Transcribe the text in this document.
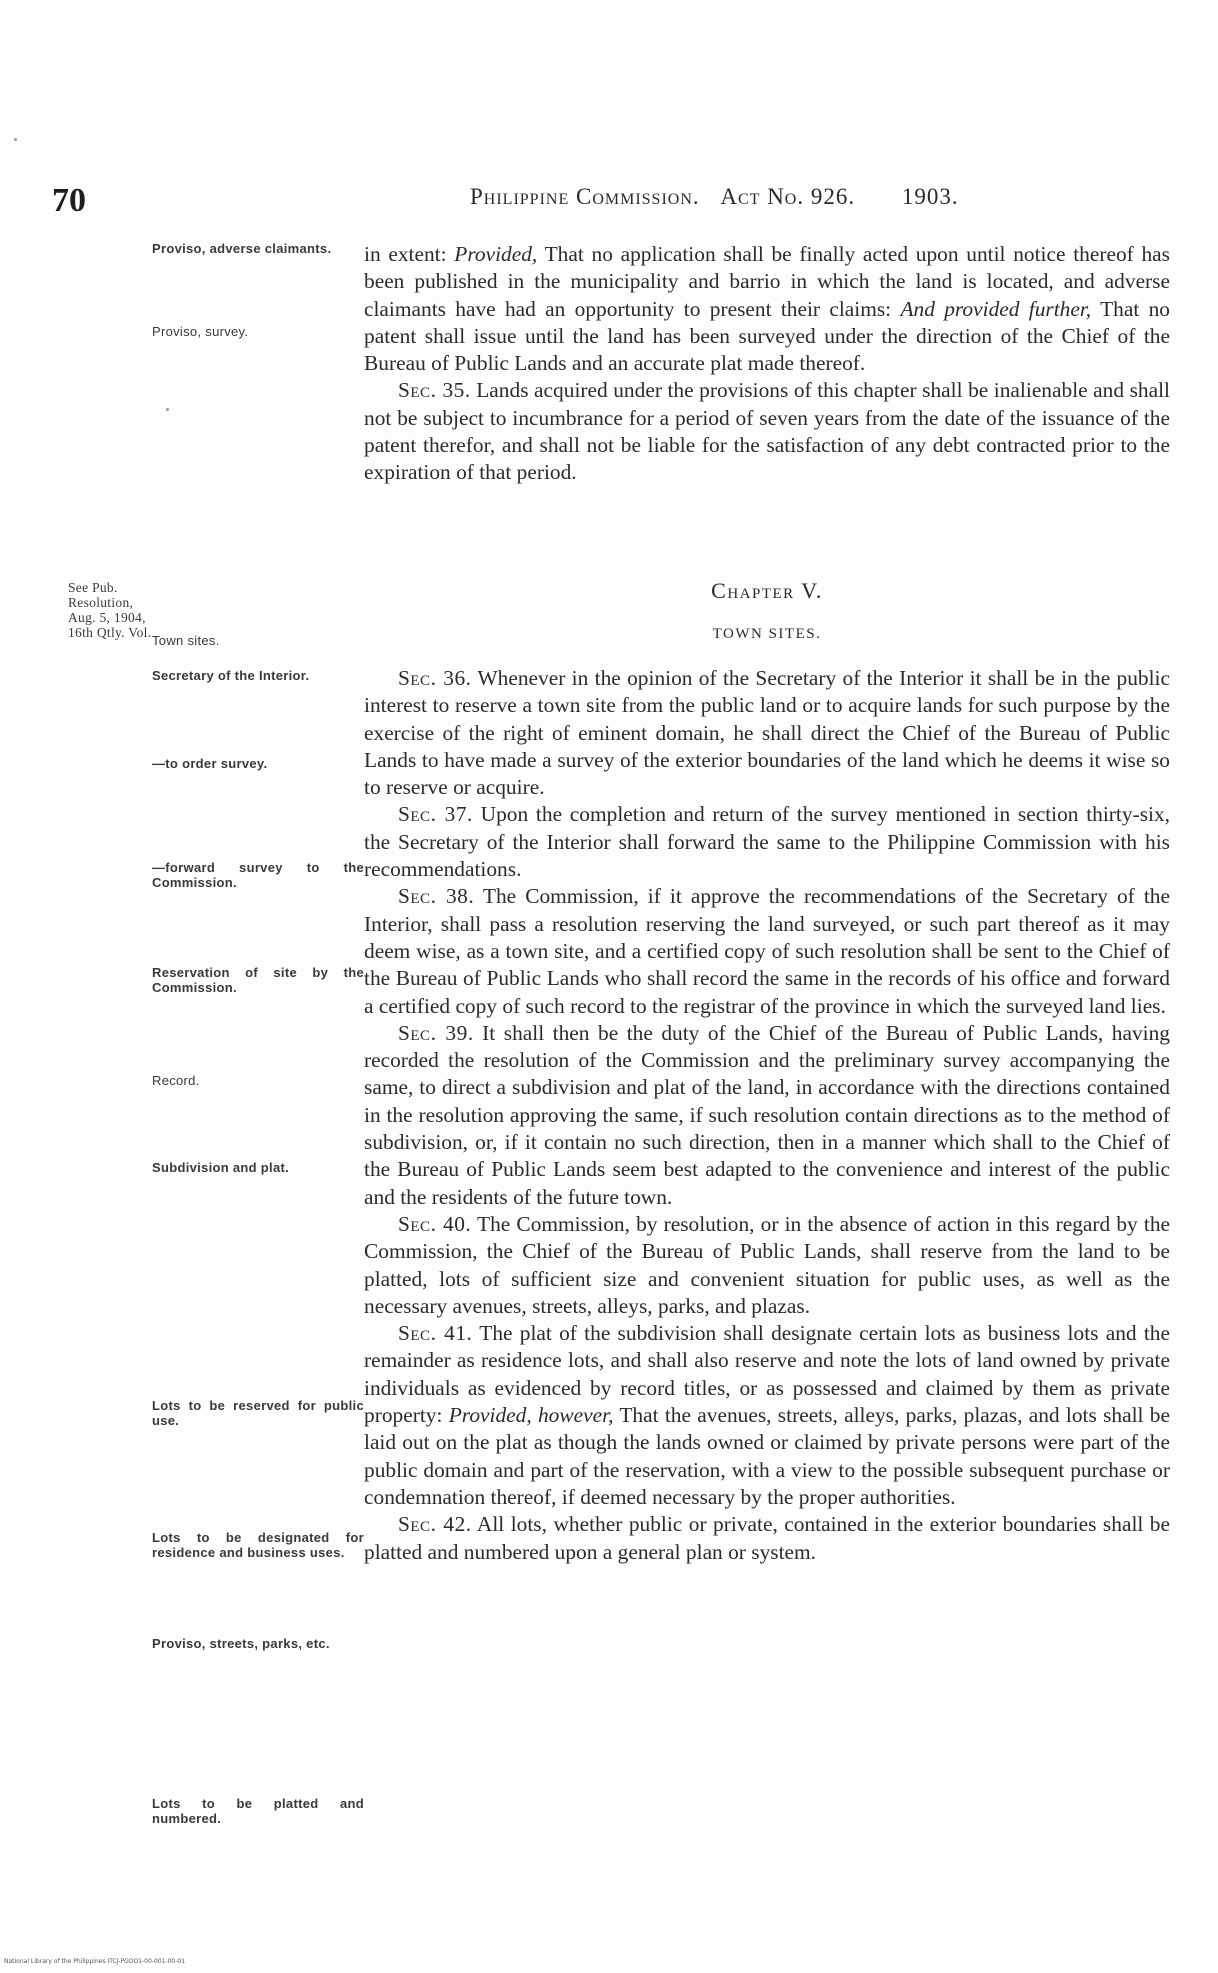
70	Philippine Commission. Act No. 926. 1903.
Proviso, adverse claimants.
Proviso, survey.
See Pub. Resolution, Aug. 5, 1904, 16th Qtly. Vol.
Town sites.
Secretary of the Interior.
—to order survey.
—forward survey to the Commission.
Reservation of site by the Commission.
Record.
Subdivision and plat.
Lots to be reserved for public use.
Lots to be designated for residence and business uses.
Proviso, streets, parks, etc.
Lots to be platted and numbered.

in extent: Provided, That no application shall be finally acted upon until notice thereof has been published in the municipality and barrio in which the land is located, and adverse claimants have had an opportunity to present their claims: And provided further, That no patent shall issue until the land has been surveyed under the direction of the Chief of the Bureau of Public Lands and an accurate plat made thereof.

Sec. 35. Lands acquired under the provisions of this chapter shall be inalienable and shall not be subject to incumbrance for a period of seven years from the date of the issuance of the patent therefor, and shall not be liable for the satisfaction of any debt contracted prior to the expiration of that period.

Chapter V.
TOWN SITES.

Sec. 36. Whenever in the opinion of the Secretary of the Interior it shall be in the public interest to reserve a town site from the public land or to acquire lands for such purpose by the exercise of the right of eminent domain, he shall direct the Chief of the Bureau of Public Lands to have made a survey of the exterior boundaries of the land which he deems it wise so to reserve or acquire.

Sec. 37. Upon the completion and return of the survey mentioned in section thirty-six, the Secretary of the Interior shall forward the same to the Philippine Commission with his recommendations.

Sec. 38. The Commission, if it approve the recommendations of the Secretary of the Interior, shall pass a resolution reserving the land surveyed, or such part thereof as it may deem wise, as a town site, and a certified copy of such resolution shall be sent to the Chief of the Bureau of Public Lands who shall record the same in the records of his office and forward a certified copy of such record to the registrar of the province in which the surveyed land lies.

Sec. 39. It shall then be the duty of the Chief of the Bureau of Public Lands, having recorded the resolution of the Commission and the preliminary survey accompanying the same, to direct a subdivision and plat of the land, in accordance with the directions contained in the resolution approving the same, if such resolution contain directions as to the method of subdivision, or, if it contain no such direction, then in a manner which shall to the Chief of the Bureau of Public Lands seem best adapted to the convenience and interest of the public and the residents of the future town.

Sec. 40. The Commission, by resolution, or in the absence of action in this regard by the Commission, the Chief of the Bureau of Public Lands, shall reserve from the land to be platted, lots of sufficient size and convenient situation for public uses, as well as the necessary avenues, streets, alleys, parks, and plazas.

Sec. 41. The plat of the subdivision shall designate certain lots as business lots and the remainder as residence lots, and shall also reserve and note the lots of land owned by private individuals as evidenced by record titles, or as possessed and claimed by them as private property: Provided, however, That the avenues, streets, alleys, parks, plazas, and lots shall be laid out on the plat as though the lands owned or claimed by private persons were part of the public domain and part of the reservation, with a view to the possible subsequent purchase or condemnation thereof, if deemed necessary by the proper authorities.

Sec. 42. All lots, whether public or private, contained in the exterior boundaries shall be platted and numbered upon a general plan or system.

National Library of the Philippines ITCJ-PGOO1-00-001-00-01
